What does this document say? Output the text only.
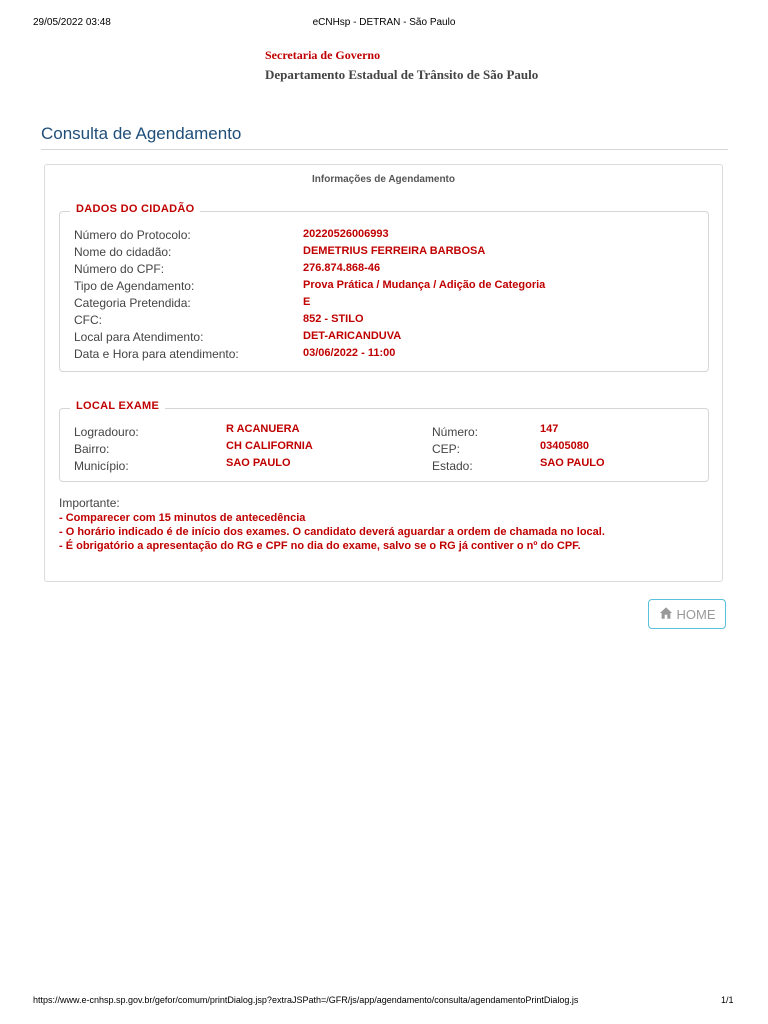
29/05/2022 03:48	eCNHsp - DETRAN - São Paulo
Secretaria de Governo
Departamento Estadual de Trânsito de São Paulo
Consulta de Agendamento
Informações de Agendamento
DADOS DO CIDADÃO
Número do Protocolo:	20220526006993
Nome do cidadão:	DEMETRIUS FERREIRA BARBOSA
Número do CPF:	276.874.868-46
Tipo de Agendamento:	Prova Prática / Mudança / Adição de Categoria
Categoria Pretendida:	E
CFC:	852 - STILO
Local para Atendimento:	DET-ARICANDUVA
Data e Hora para atendimento:	03/06/2022 - 11:00
LOCAL EXAME
Logradouro:	R ACANUERA	Número:	147
Bairro:	CH CALIFORNIA	CEP:	03405080
Município:	SAO PAULO	Estado:	SAO PAULO
Importante:
- Comparecer com 15 minutos de antecedência
- O horário indicado é de início dos exames. O candidato deverá aguardar a ordem de chamada no local.
- É obrigatório a apresentação do RG e CPF no dia do exame, salvo se o RG já contiver o nº do CPF.
HOME
https://www.e-cnhsp.sp.gov.br/gefor/comum/printDialog.jsp?extraJSPath=/GFR/js/app/agendamento/consulta/agendamentoPrintDialog.js	1/1
